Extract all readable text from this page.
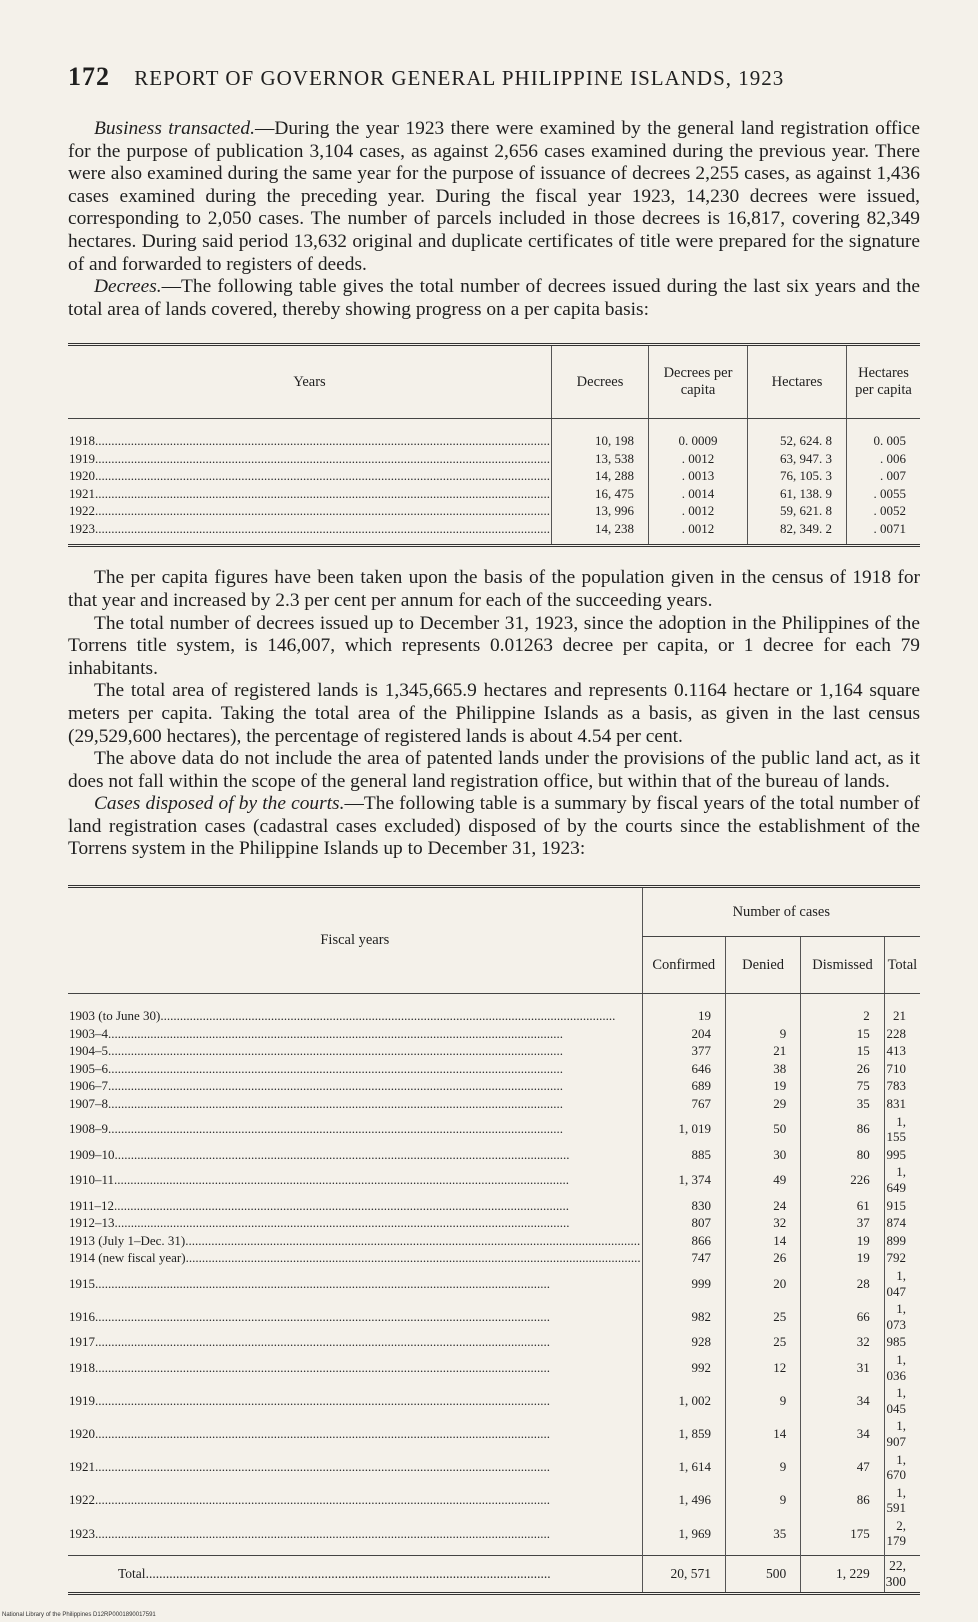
172 REPORT OF GOVERNOR GENERAL PHILIPPINE ISLANDS, 1923

Business transacted.—During the year 1923 there were examined by the general land registration office for the purpose of publication 3,104 cases, as against 2,656 cases examined during the previous year. There were also examined during the same year for the purpose of issuance of decrees 2,255 cases, as against 1,436 cases examined during the preceding year. During the fiscal year 1923, 14,230 decrees were issued, corresponding to 2,050 cases. The number of parcels included in those decrees is 16,817, covering 82,349 hectares. During said period 13,632 original and duplicate certificates of title were prepared for the signature of and forwarded to registers of deeds.

Decrees.—The following table gives the total number of decrees issued during the last six years and the total area of lands covered, thereby showing progress on a per capita basis:

Years	Decrees	Decrees per capita	Hectares	Hectares per capita
1918............................................................................................................................................	10, 198	0. 0009	52, 624. 8	0. 005
1919............................................................................................................................................	13, 538	. 0012	63, 947. 3	. 006
1920............................................................................................................................................	14, 288	. 0013	76, 105. 3	. 007
1921............................................................................................................................................	16, 475	. 0014	61, 138. 9	. 0055
1922............................................................................................................................................	13, 996	. 0012	59, 621. 8	. 0052
1923............................................................................................................................................	14, 238	. 0012	82, 349. 2	. 0071

The per capita figures have been taken upon the basis of the population given in the census of 1918 for that year and increased by 2.3 per cent per annum for each of the succeeding years.

The total number of decrees issued up to December 31, 1923, since the adoption in the Philippines of the Torrens title system, is 146,007, which represents 0.01263 decree per capita, or 1 decree for each 79 inhabitants.

The total area of registered lands is 1,345,665.9 hectares and represents 0.1164 hectare or 1,164 square meters per capita. Taking the total area of the Philippine Islands as a basis, as given in the last census (29,529,600 hectares), the percentage of registered lands is about 4.54 per cent.

The above data do not include the area of patented lands under the provisions of the public land act, as it does not fall within the scope of the general land registration office, but within that of the bureau of lands.

Cases disposed of by the courts.—The following table is a summary by fiscal years of the total number of land registration cases (cadastral cases excluded) disposed of by the courts since the establishment of the Torrens system in the Philippine Islands up to December 31, 1923:

Fiscal years	Number of cases			
	Confirmed	Denied	Dismissed	Total
1903 (to June 30)............................................................................................................................................	19		2	21
1903–4............................................................................................................................................	204	9	15	228
1904–5............................................................................................................................................	377	21	15	413
1905–6............................................................................................................................................	646	38	26	710
1906–7............................................................................................................................................	689	19	75	783
1907–8............................................................................................................................................	767	29	35	831
1908–9............................................................................................................................................	1, 019	50	86	1, 155
1909–10............................................................................................................................................	885	30	80	995
1910–11............................................................................................................................................	1, 374	49	226	1, 649
1911–12............................................................................................................................................	830	24	61	915
1912–13............................................................................................................................................	807	32	37	874
1913 (July 1–Dec. 31)............................................................................................................................................	866	14	19	899
1914 (new fiscal year)............................................................................................................................................	747	26	19	792
1915............................................................................................................................................	999	20	28	1, 047
1916............................................................................................................................................	982	25	66	1, 073
1917............................................................................................................................................	928	25	32	985
1918............................................................................................................................................	992	12	31	1, 036
1919............................................................................................................................................	1, 002	9	34	1, 045
1920............................................................................................................................................	1, 859	14	34	1, 907
1921............................................................................................................................................	1, 614	9	47	1, 670
1922............................................................................................................................................	1, 496	9	86	1, 591
1923............................................................................................................................................	1, 969	35	175	2, 179
Total........................................................................................................................	20, 571	500	1, 229	22, 300
National Library of the Philippines D12RP0001890017591
